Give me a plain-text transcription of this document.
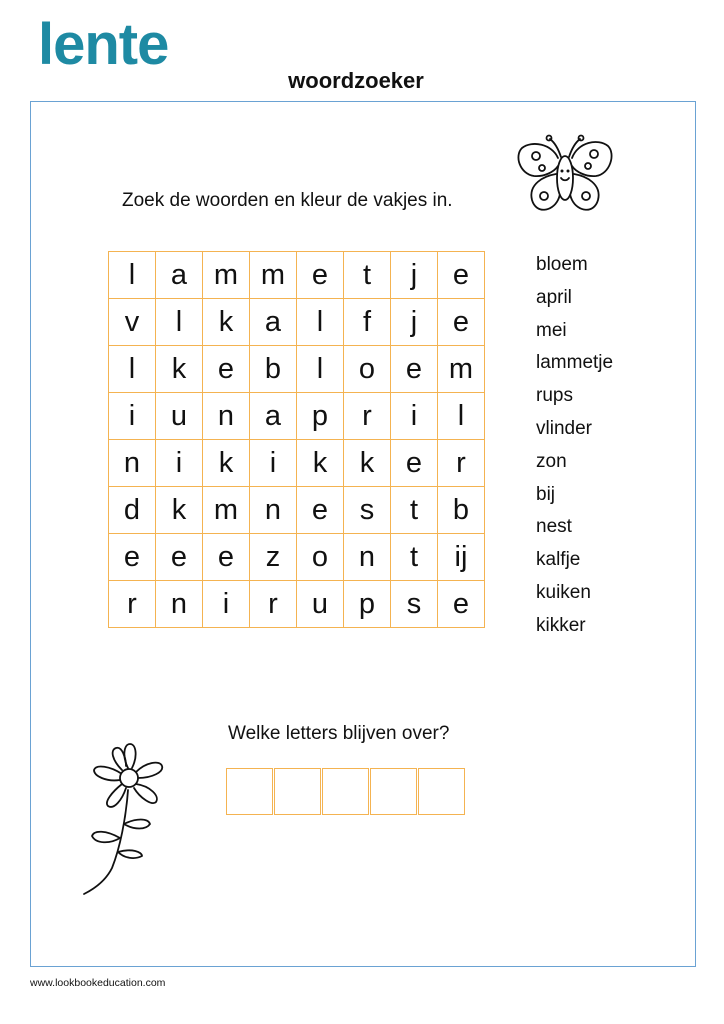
lente
woordzoeker
Zoek de woorden en kleur de vakjes in.
l	a	m	m	e	t	j	e
v	l	k	a	l	f	j	e
l	k	e	b	l	o	e	m
i	u	n	a	p	r	i	l
n	i	k	i	k	k	e	r
d	k	m	n	e	s	t	b
e	e	e	z	o	n	t	ij
r	n	i	r	u	p	s	e
bloem
april
mei
lammetje
rups
vlinder
zon
bij
nest
kalfje
kuiken
kikker
Welke letters blijven over?
www.lookbookeducation.com
